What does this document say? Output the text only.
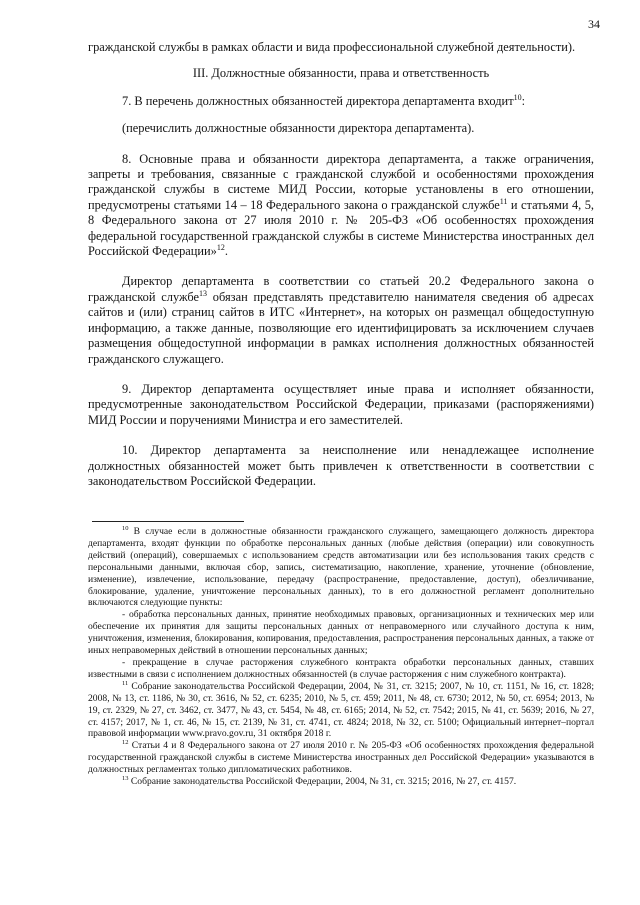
34

гражданской службы в рамках области и вида профессиональной служебной деятельности).

III. Должностные обязанности, права и ответственность

7. В перечень должностных обязанностей директора департамента входит$^{10}$:

(перечислить должностные обязанности директора департамента).

8. Основные права и обязанности директора департамента, а также ограничения, запреты и требования, связанные с гражданской службой и особенностями прохождения гражданской службы в системе МИД России, которые установлены в его отношении, предусмотрены статьями 14 – 18 Федерального закона о гражданской службе$^{11}$ и статьями 4, 5, 8 Федерального закона от 27 июля 2010 г. № 205-ФЗ «Об особенностях прохождения федеральной государственной гражданской службы в системе Министерства иностранных дел Российской Федерации»$^{12}$.

Директор департамента в соответствии со статьей 20.2 Федерального закона о гражданской службе$^{13}$ обязан представлять представителю нанимателя сведения об адресах сайтов и (или) страниц сайтов в ИТС «Интернет», на которых он размещал общедоступную информацию, а также данные, позволяющие его идентифицировать за исключением случаев размещения общедоступной информации в рамках исполнения должностных обязанностей гражданского служащего.

9. Директор департамента осуществляет иные права и исполняет обязанности, предусмотренные законодательством Российской Федерации, приказами (распоряжениями) МИД России и поручениями Министра и его заместителей.

10. Директор департамента за неисполнение или ненадлежащее исполнение должностных обязанностей может быть привлечен к ответственности в соответствии с законодательством Российской Федерации.

$^{10}$ В случае если в должностные обязанности гражданского служащего, замещающего должность директора департамента, входят функции по обработке персональных данных (любые действия (операции) или совокупность действий (операций), совершаемых с использованием средств автоматизации или без использования таких средств с персональными данными, включая сбор, запись, систематизацию, накопление, хранение, уточнение (обновление, изменение), извлечение, использование, передачу (распространение, предоставление, доступ), обезличивание, блокирование, удаление, уничтожение персональных данных), то в его должностной регламент дополнительно включаются следующие пункты:

- обработка персональных данных, принятие необходимых правовых, организационных и технических мер или обеспечение их принятия для защиты персональных данных от неправомерного или случайного доступа к ним, уничтожения, изменения, блокирования, копирования, предоставления, распространения персональных данных, а также от иных неправомерных действий в отношении персональных данных;

- прекращение в случае расторжения служебного контракта обработки персональных данных, ставших известными в связи с исполнением должностных обязанностей (в случае расторжения с ним служебного контракта).

$^{11}$ Собрание законодательства Российской Федерации, 2004, № 31, ст. 3215; 2007, № 10, ст. 1151, № 16, ст. 1828; 2008, № 13, ст. 1186, № 30, ст. 3616, № 52, ст. 6235; 2010, № 5, ст. 459; 2011, № 48, ст. 6730; 2012, № 50, ст. 6954; 2013, № 19, ст. 2329, № 27, ст. 3462, ст. 3477, № 43, ст. 5454, № 48, ст. 6165; 2014, № 52, ст. 7542; 2015, № 41, ст. 5639; 2016, № 27, ст. 4157; 2017, № 1, ст. 46, № 15, ст. 2139, № 31, ст. 4741, ст. 4824; 2018, № 32, ст. 5100; Официальный интернет–портал правовой информации www.pravo.gov.ru, 31 октября 2018 г.

$^{12}$ Статьи 4 и 8 Федерального закона от 27 июля 2010 г. № 205-ФЗ «Об особенностях прохождения федеральной государственной гражданской службы в системе Министерства иностранных дел Российской Федерации» указываются в должностных регламентах только дипломатических работников.

$^{13}$ Собрание законодательства Российской Федерации, 2004, № 31, ст. 3215; 2016, № 27, ст. 4157.
